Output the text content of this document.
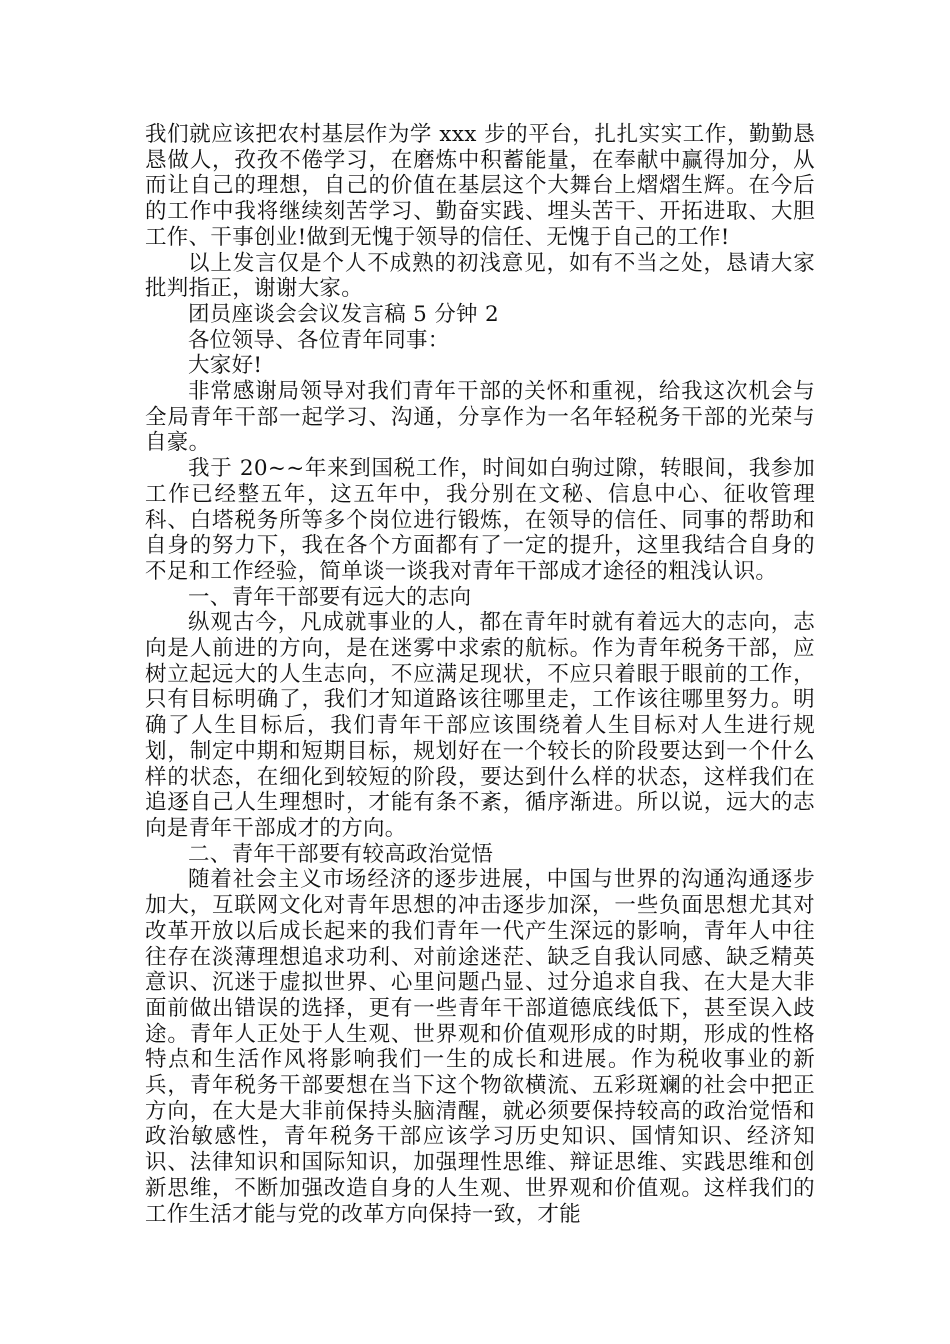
我们就应该把农村基层作为学 xxx 步的平台，扎扎实实工作，勤勤恳恳做人，孜孜不倦学习，在磨炼中积蓄能量，在奉献中赢得加分，从而让自己的理想，自己的价值在基层这个大舞台上熠熠生辉。在今后的工作中我将继续刻苦学习、勤奋实践、埋头苦干、开拓进取、大胆工作、干事创业!做到无愧于领导的信任、无愧于自己的工作!

以上发言仅是个人不成熟的初浅意见，如有不当之处，恳请大家批判指正，谢谢大家。

团员座谈会会议发言稿 5 分钟 2

各位领导、各位青年同事：

大家好!

非常感谢局领导对我们青年干部的关怀和重视，给我这次机会与全局青年干部一起学习、沟通，分享作为一名年轻税务干部的光荣与自豪。

我于 20~~年来到国税工作，时间如白驹过隙，转眼间，我参加工作已经整五年，这五年中，我分别在文秘、信息中心、征收管理科、白塔税务所等多个岗位进行锻炼，在领导的信任、同事的帮助和自身的努力下，我在各个方面都有了一定的提升，这里我结合自身的不足和工作经验，简单谈一谈我对青年干部成才途径的粗浅认识。

一、青年干部要有远大的志向

纵观古今，凡成就事业的人，都在青年时就有着远大的志向，志向是人前进的方向，是在迷雾中求索的航标。作为青年税务干部，应树立起远大的人生志向，不应满足现状，不应只着眼于眼前的工作，只有目标明确了，我们才知道路该往哪里走，工作该往哪里努力。明确了人生目标后，我们青年干部应该围绕着人生目标对人生进行规划，制定中期和短期目标，规划好在一个较长的阶段要达到一个什么样的状态，在细化到较短的阶段，要达到什么样的状态，这样我们在追逐自己人生理想时，才能有条不紊，循序渐进。所以说，远大的志向是青年干部成才的方向。

二、青年干部要有较高政治觉悟

随着社会主义市场经济的逐步进展，中国与世界的沟通沟通逐步加大，互联网文化对青年思想的冲击逐步加深，一些负面思想尤其对改革开放以后成长起来的我们青年一代产生深远的影响，青年人中往往存在淡薄理想追求功利、对前途迷茫、缺乏自我认同感、缺乏精英意识、沉迷于虚拟世界、心里问题凸显、过分追求自我、在大是大非面前做出错误的选择，更有一些青年干部道德底线低下，甚至误入歧途。青年人正处于人生观、世界观和价值观形成的时期，形成的性格特点和生活作风将影响我们一生的成长和进展。作为税收事业的新兵，青年税务干部要想在当下这个物欲横流、五彩斑斓的社会中把正方向，在大是大非前保持头脑清醒，就必须要保持较高的政治觉悟和政治敏感性，青年税务干部应该学习历史知识、国情知识、经济知识、法律知识和国际知识，加强理性思维、辩证思维、实践思维和创新思维，不断加强改造自身的人生观、世界观和价值观。这样我们的工作生活才能与党的改革方向保持一致，才能
